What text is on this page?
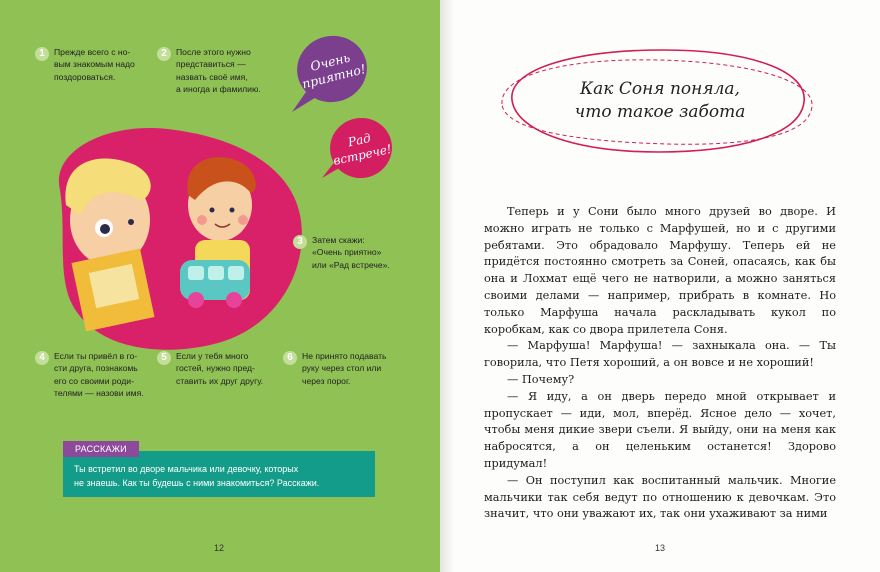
1	Прежде всего с но-
вым знакомым надо
поздороваться.
2	После этого нужно
представиться —
назвать своё имя,
а иногда и фамилию.
3	Затем скажи:
«Очень приятно»
или «Рад встрече».
4	Если ты привёл в го-
сти друга, познакомь
его со своими роди-
телями — назови имя.
5	Если у тебя много
гостей, нужно пред-
ставить их друг другу.
6	Не принято подавать
руку через стол или
через порог.
Очень
приятно!
Рад
встрече!
РАССКАЖИ
Ты встретил во дворе мальчика или девочку, которых
не знаешь. Как ты будешь с ними знакомиться? Расскажи.
12
Как Соня поняла,
что такое забота

Теперь и у Сони было много друзей во дворе. И можно играть не только с Марфушей, но и с другими ребятами. Это обрадовало Марфушу. Теперь ей не придётся постоянно смотреть за Соней, опасаясь, как бы она и Лохмат ещё чего не натворили, а можно заняться своими делами — например, прибрать в комнате. Но только Марфуша начала раскладывать кукол по коробкам, как со двора прилетела Соня.

— Марфуша! Марфуша! — захныкала она. — Ты говорила, что Петя хороший, а он вовсе и не хороший!

— Почему?

— Я иду, а он дверь передо мной открывает и пропускает — иди, мол, вперёд. Ясное дело — хочет, чтобы меня дикие звери съели. Я выйду, они на меня как набросятся, а он целеньким останется! Здорово придумал!

— Он поступил как воспитанный мальчик. Многие мальчики так себя ведут по отношению к девочкам. Это значит, что они уважают их, так они ухаживают за ними

13
